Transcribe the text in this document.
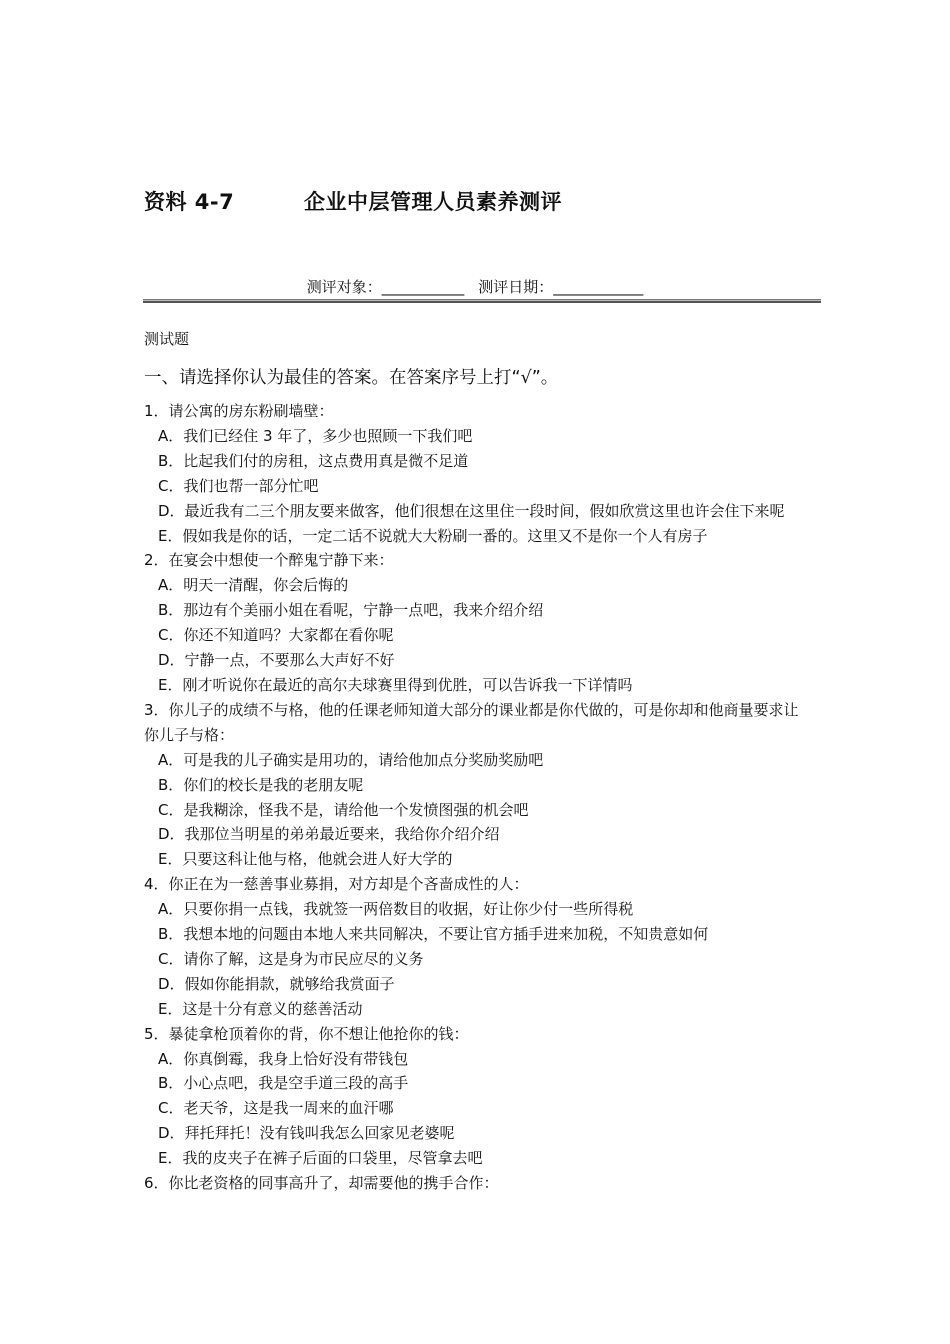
资料 4-7	企业中层管理人员素养测评
测评对象：___________ 测评日期：____________
测试题
一、请选择你认为最佳的答案。在答案序号上打“√”。

1．请公寓的房东粉刷墙壁：

A．我们已经住 3 年了，多少也照顾一下我们吧

B．比起我们付的房租，这点费用真是微不足道

C．我们也帮一部分忙吧

D．最近我有二三个朋友要来做客，他们很想在这里住一段时间，假如欣赏这里也许会住下来呢

E．假如我是你的话，一定二话不说就大大粉刷一番的。这里又不是你一个人有房子

2．在宴会中想使一个醉鬼宁静下来：

A．明天一清醒，你会后悔的

B．那边有个美丽小姐在看呢，宁静一点吧，我来介绍介绍

C．你还不知道吗？大家都在看你呢

D．宁静一点，不要那么大声好不好

E．刚才听说你在最近的高尔夫球赛里得到优胜，可以告诉我一下详情吗

3．你儿子的成绩不与格，他的任课老师知道大部分的课业都是你代做的，可是你却和他商量要求让你儿子与格：

A．可是我的儿子确实是用功的，请给他加点分奖励奖励吧

B．你们的校长是我的老朋友呢

C．是我糊涂，怪我不是，请给他一个发愤图强的机会吧

D．我那位当明星的弟弟最近要来，我给你介绍介绍

E．只要这科让他与格，他就会进人好大学的

4．你正在为一慈善事业募捐，对方却是个吝啬成性的人：

A．只要你捐一点钱，我就签一两倍数目的收据，好让你少付一些所得税

B．我想本地的问题由本地人来共同解决，不要让官方插手进来加税，不知贵意如何

C．请你了解，这是身为市民应尽的义务

D．假如你能捐款，就够给我赏面子

E．这是十分有意义的慈善活动

5．暴徒拿枪顶着你的背，你不想让他抢你的钱：

A．你真倒霉，我身上恰好没有带钱包

B．小心点吧，我是空手道三段的高手

C．老天爷，这是我一周来的血汗哪

D．拜托拜托！没有钱叫我怎么回家见老婆呢

E．我的皮夹子在裤子后面的口袋里，尽管拿去吧

6．你比老资格的同事高升了，却需要他的携手合作：
